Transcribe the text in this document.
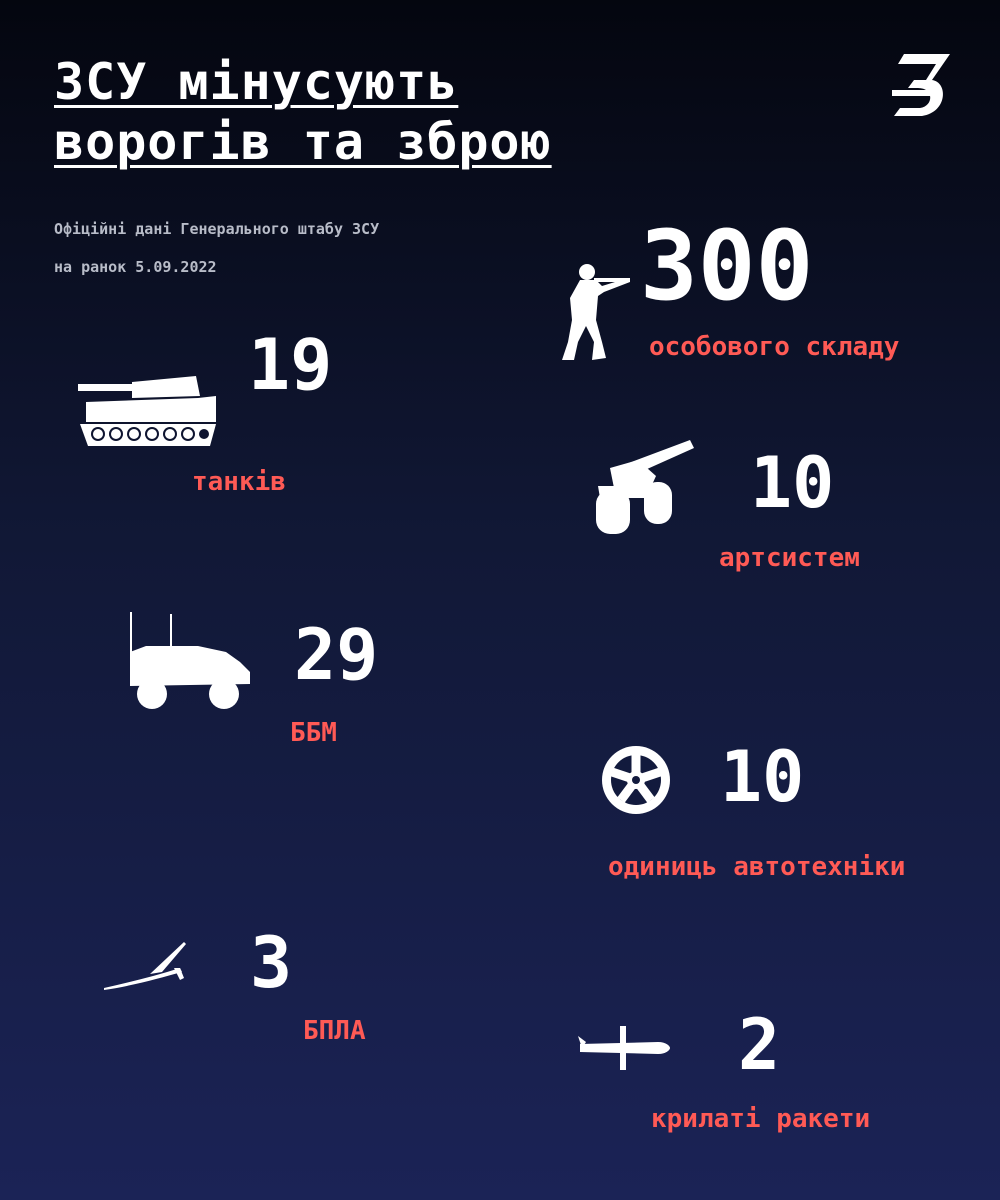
ЗСУ мінусують
ворогів та зброю
Офіційні дані Генерального штабу ЗСУ
на ранок 5.09.2022	300
особового складу
19
танків	10
артсистем
29
ББМ
10
одиниць автотехніки
3
БПЛА	2
крилаті ракети
